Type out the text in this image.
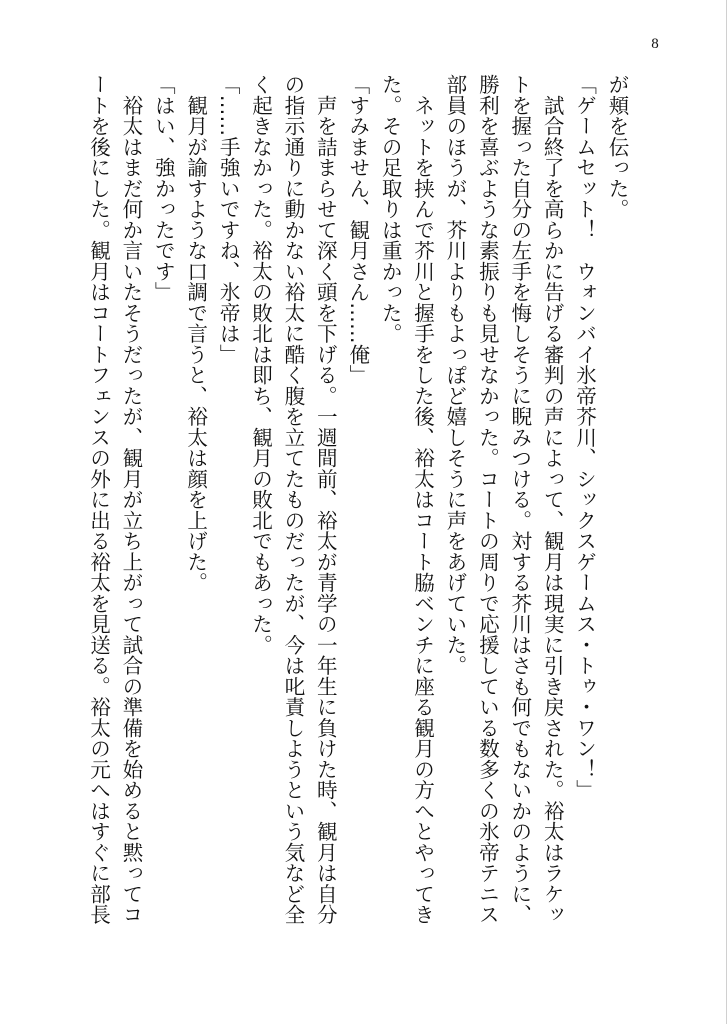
8
が頬を伝った。
「ゲームセット！　ウォンバイ氷帝芥川、シックスゲームス・トゥ・ワン！」
　試合終了を高らかに告げる審判の声によって、観月は現実に引き戻された。裕太はラケッ
トを握った自分の左手を悔しそうに睨みつける。対する芥川はさも何でもないかのように、
勝利を喜ぶような素振りも見せなかった。コートの周りで応援している数多くの氷帝テニス
部員のほうが、芥川よりもよっぽど嬉しそうに声をあげていた。
　ネットを挟んで芥川と握手をした後、裕太はコート脇ベンチに座る観月の方へとやってき
た。その足取りは重かった。
「すみません、観月さん……俺」
　声を詰まらせて深く頭を下げる。一週間前、裕太が青学の一年生に負けた時、観月は自分
の指示通りに動かない裕太に酷く腹を立てたものだったが、今は叱責しようという気など全
く起きなかった。裕太の敗北は即ち、観月の敗北でもあった。
「……手強いですね、氷帝は」
　観月が諭すような口調で言うと、裕太は顔を上げた。
「はい、強かったです」
　裕太はまだ何か言いたそうだったが、観月が立ち上がって試合の準備を始めると黙ってコ
ートを後にした。観月はコートフェンスの外に出る裕太を見送る。裕太の元へはすぐに部長
